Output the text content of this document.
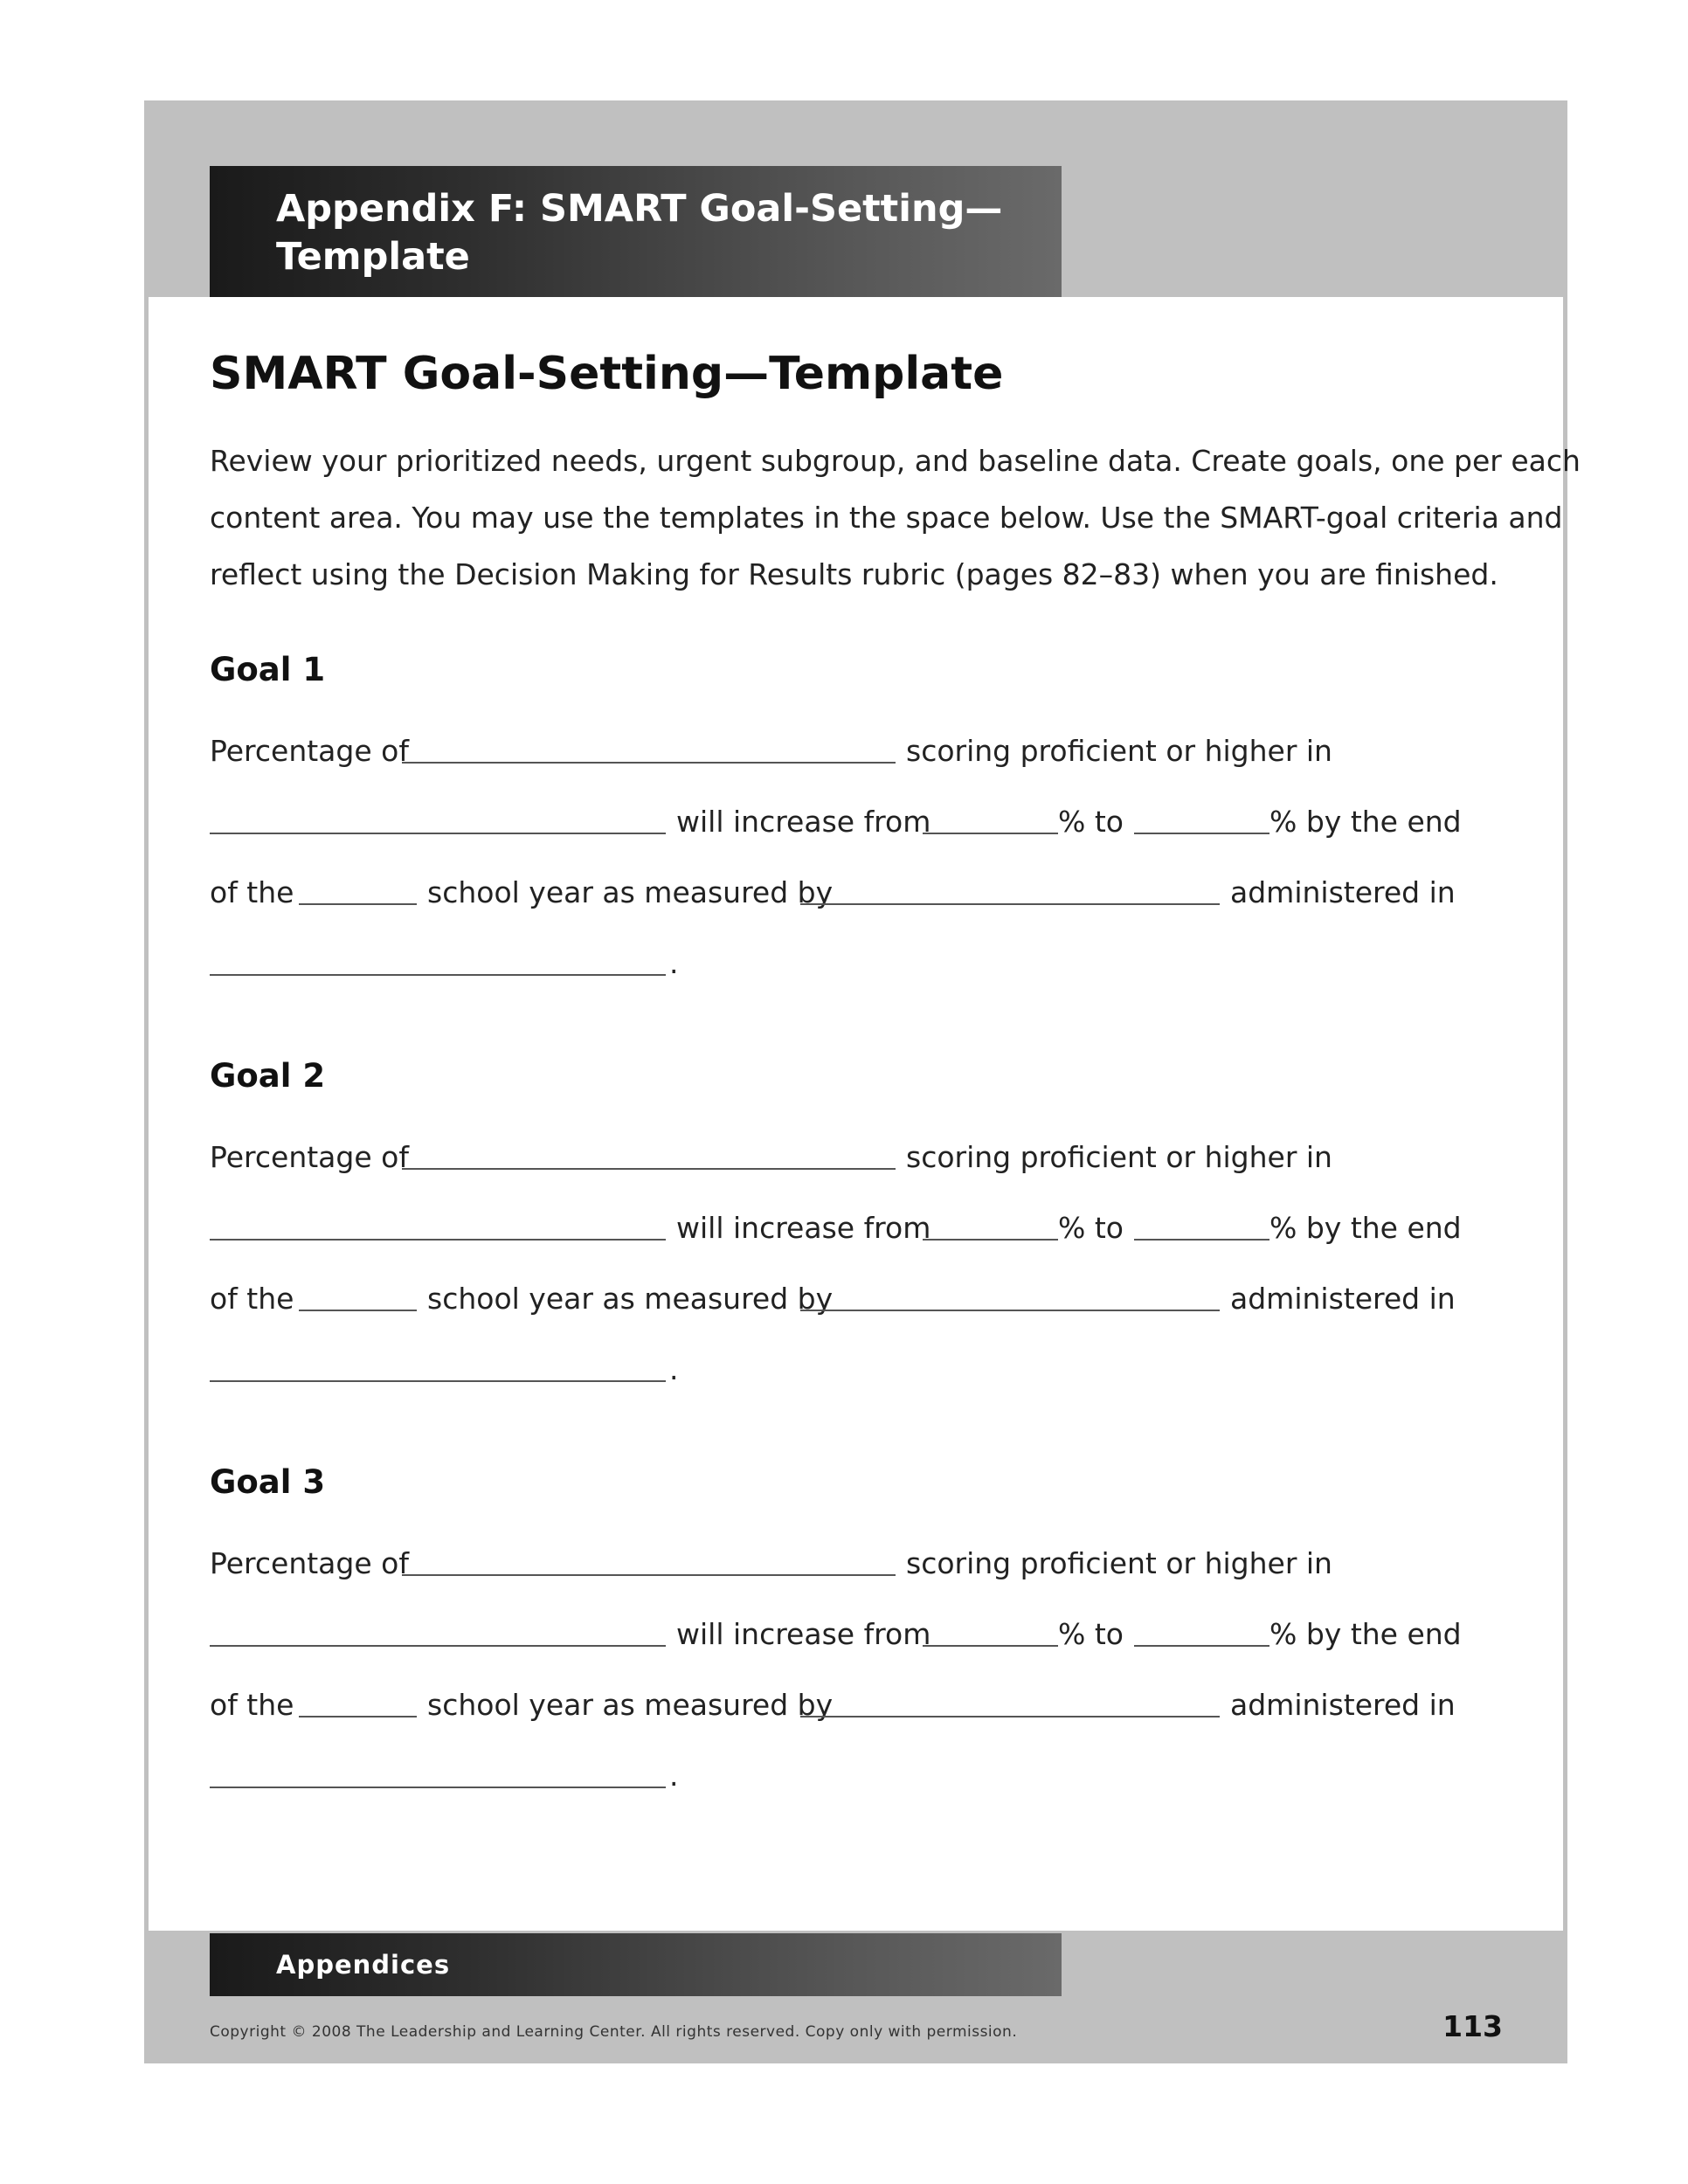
Appendix F: SMART Goal-Setting—
Template
SMART Goal-Setting—Template
Review your prioritized needs, urgent subgroup, and baseline data. Create goals, one per each
content area. You may use the templates in the space below. Use the SMART-goal criteria and
reflect using the Decision Making for Results rubric (pages 82–83) when you are finished.
Goal 1
Percentage of	scoring proficient or higher in
will increase from	% to	% by the end
of the	school year as measured by	administered in
.
Goal 2
Percentage of	scoring proficient or higher in
will increase from	% to	% by the end
of the	school year as measured by	administered in
.
Goal 3
Percentage of	scoring proficient or higher in
will increase from	% to	% by the end
of the	school year as measured by	administered in
.
Appendices
Copyright © 2008 The Leadership and Learning Center. All rights reserved. Copy only with permission.	113
